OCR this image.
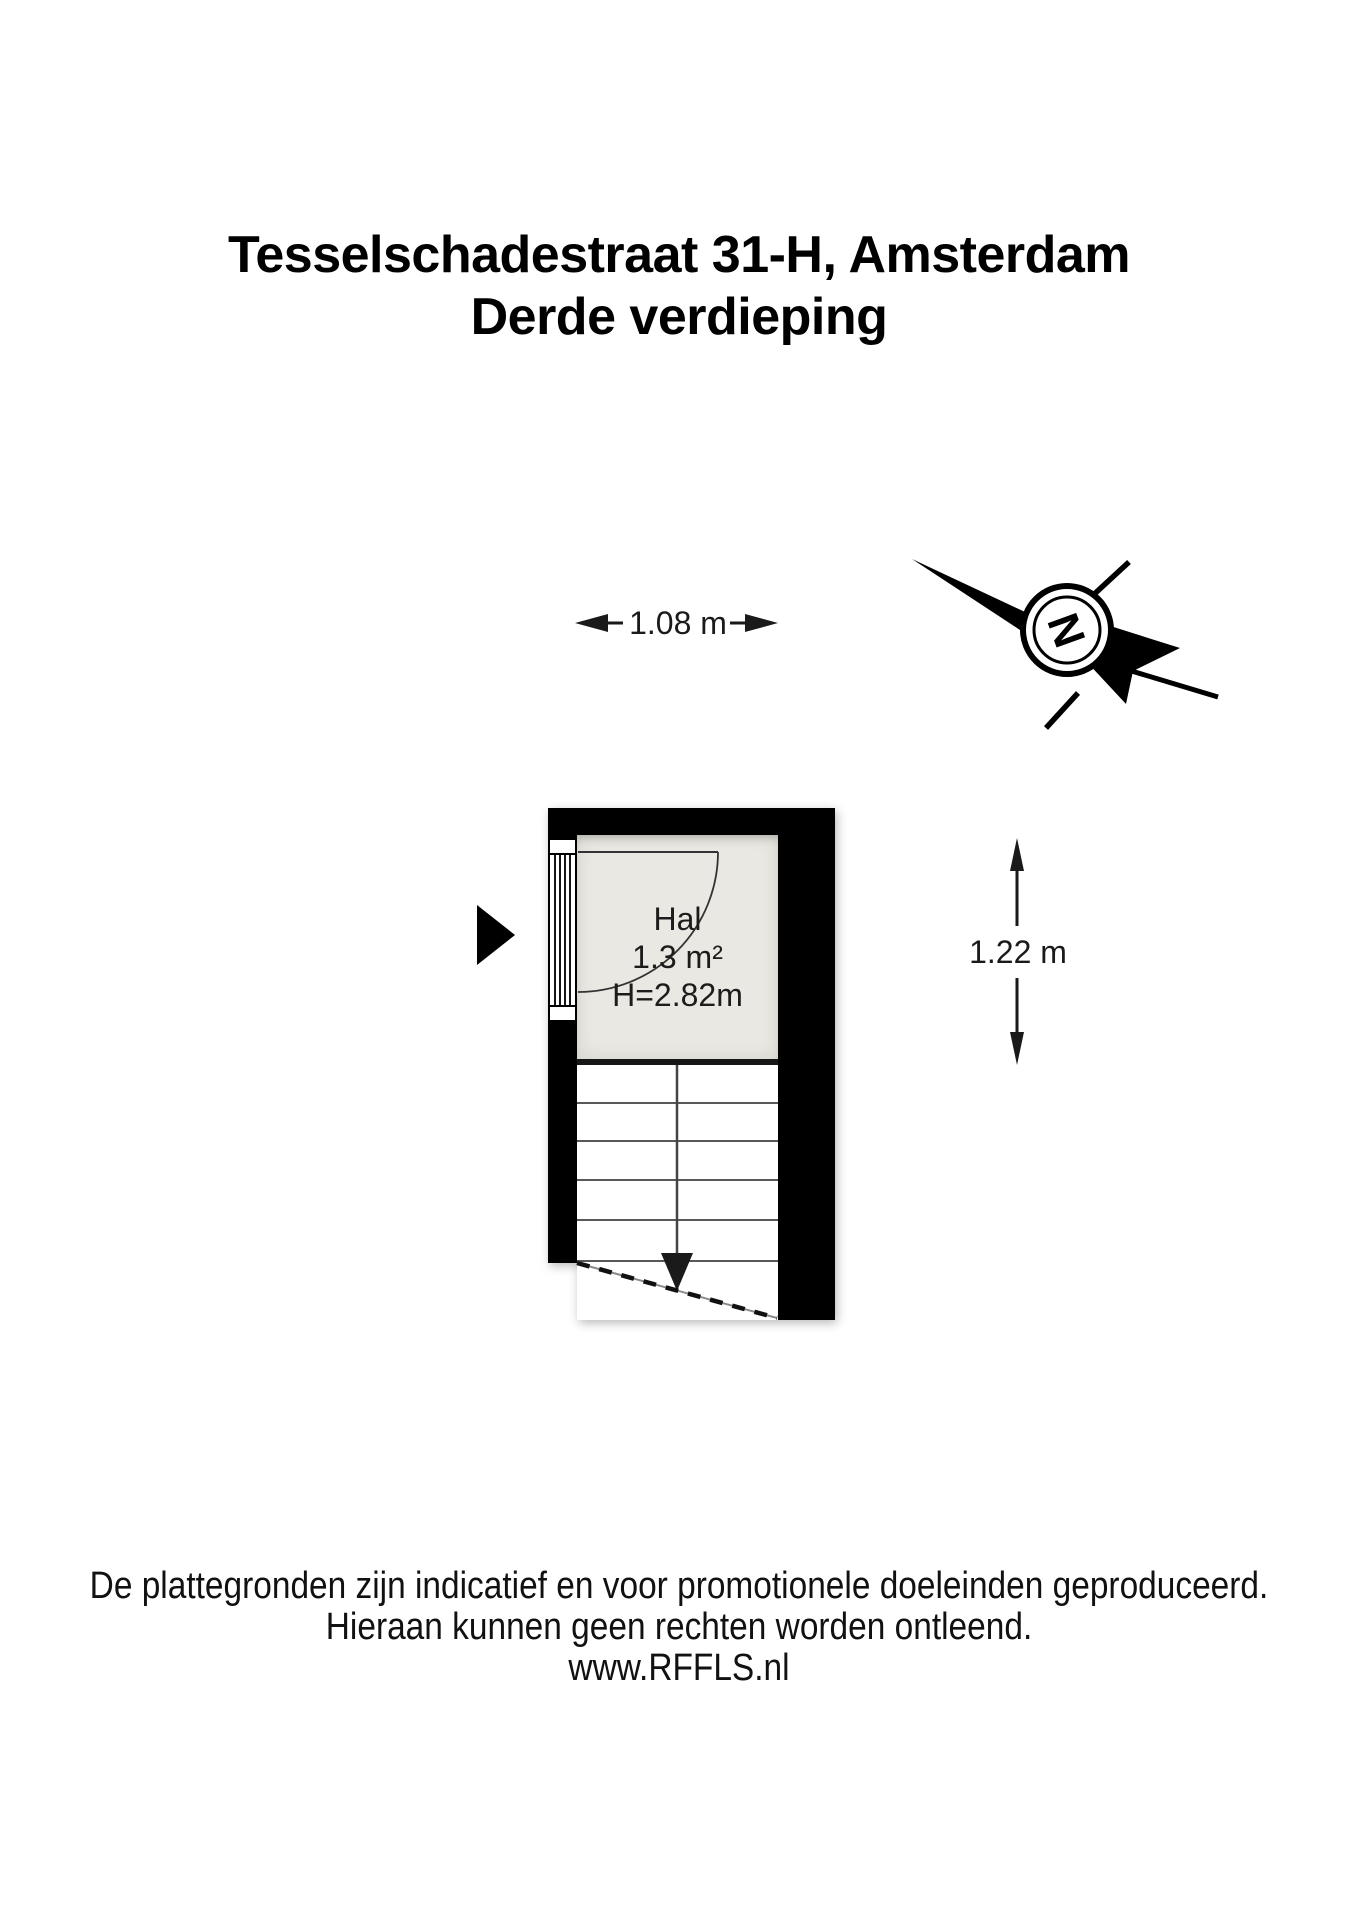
Tesselschadestraat 31-H, Amsterdam
Derde verdieping
1.08 m	N
Hal
1.3 m²
H=2.82m
1.22 m
De plattegronden zijn indicatief en voor promotionele doeleinden geproduceerd.
Hieraan kunnen geen rechten worden ontleend.
www.RFFLS.nl
